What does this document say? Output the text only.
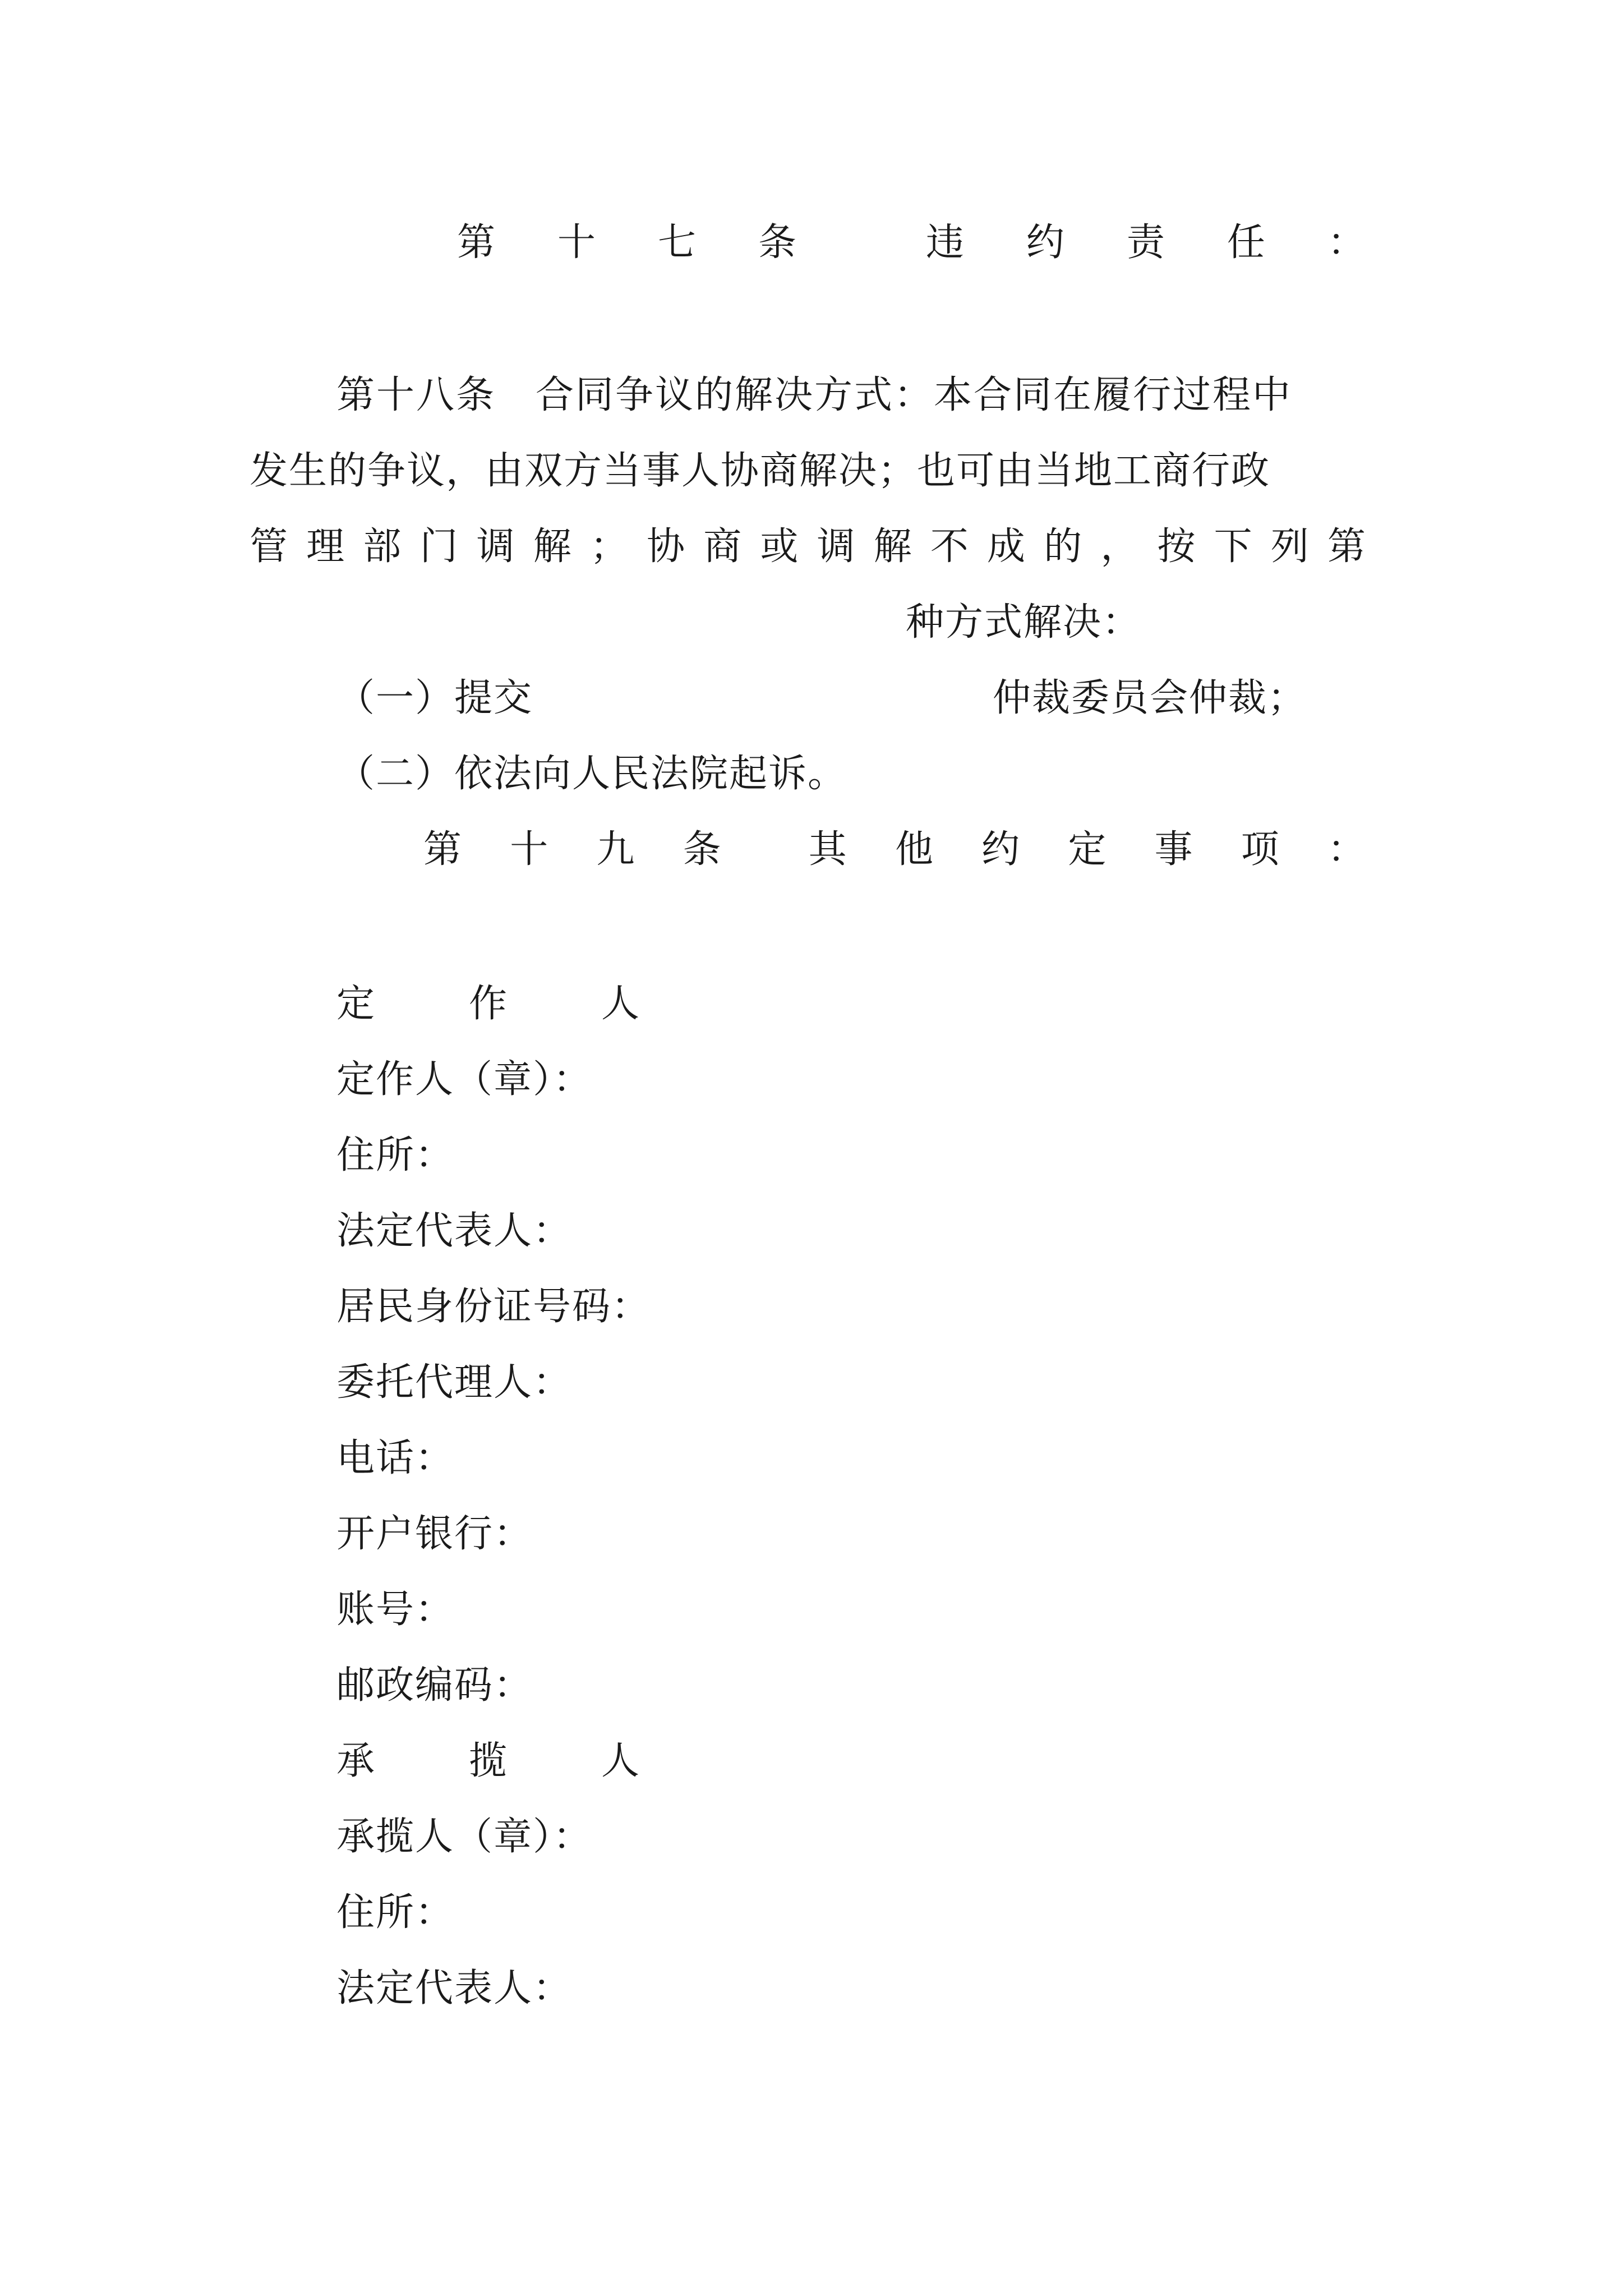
第 十 七 条	违 约 责 任 ：

第十八条　合同争议的解决方式：本合同在履行过程中

发生的争议，由双方当事人协商解决；也可由当地工商行政

管 理 部 门 调 解 ； 协 商 或 调 解 不 成 的 ， 按 下 列 第

种方式解决：

（一）提交	仲裁委员会仲裁；

（二）依法向人民法院起诉。

第 十 九 条 其 他 约 定 事 项 ：
定 作 人

定作人（章）：

住所：

法定代表人：

居民身份证号码：

委托代理人：

电话：

开户银行：

账号：

邮政编码：

承 揽 人

承揽人（章）：

住所：

法定代表人：
